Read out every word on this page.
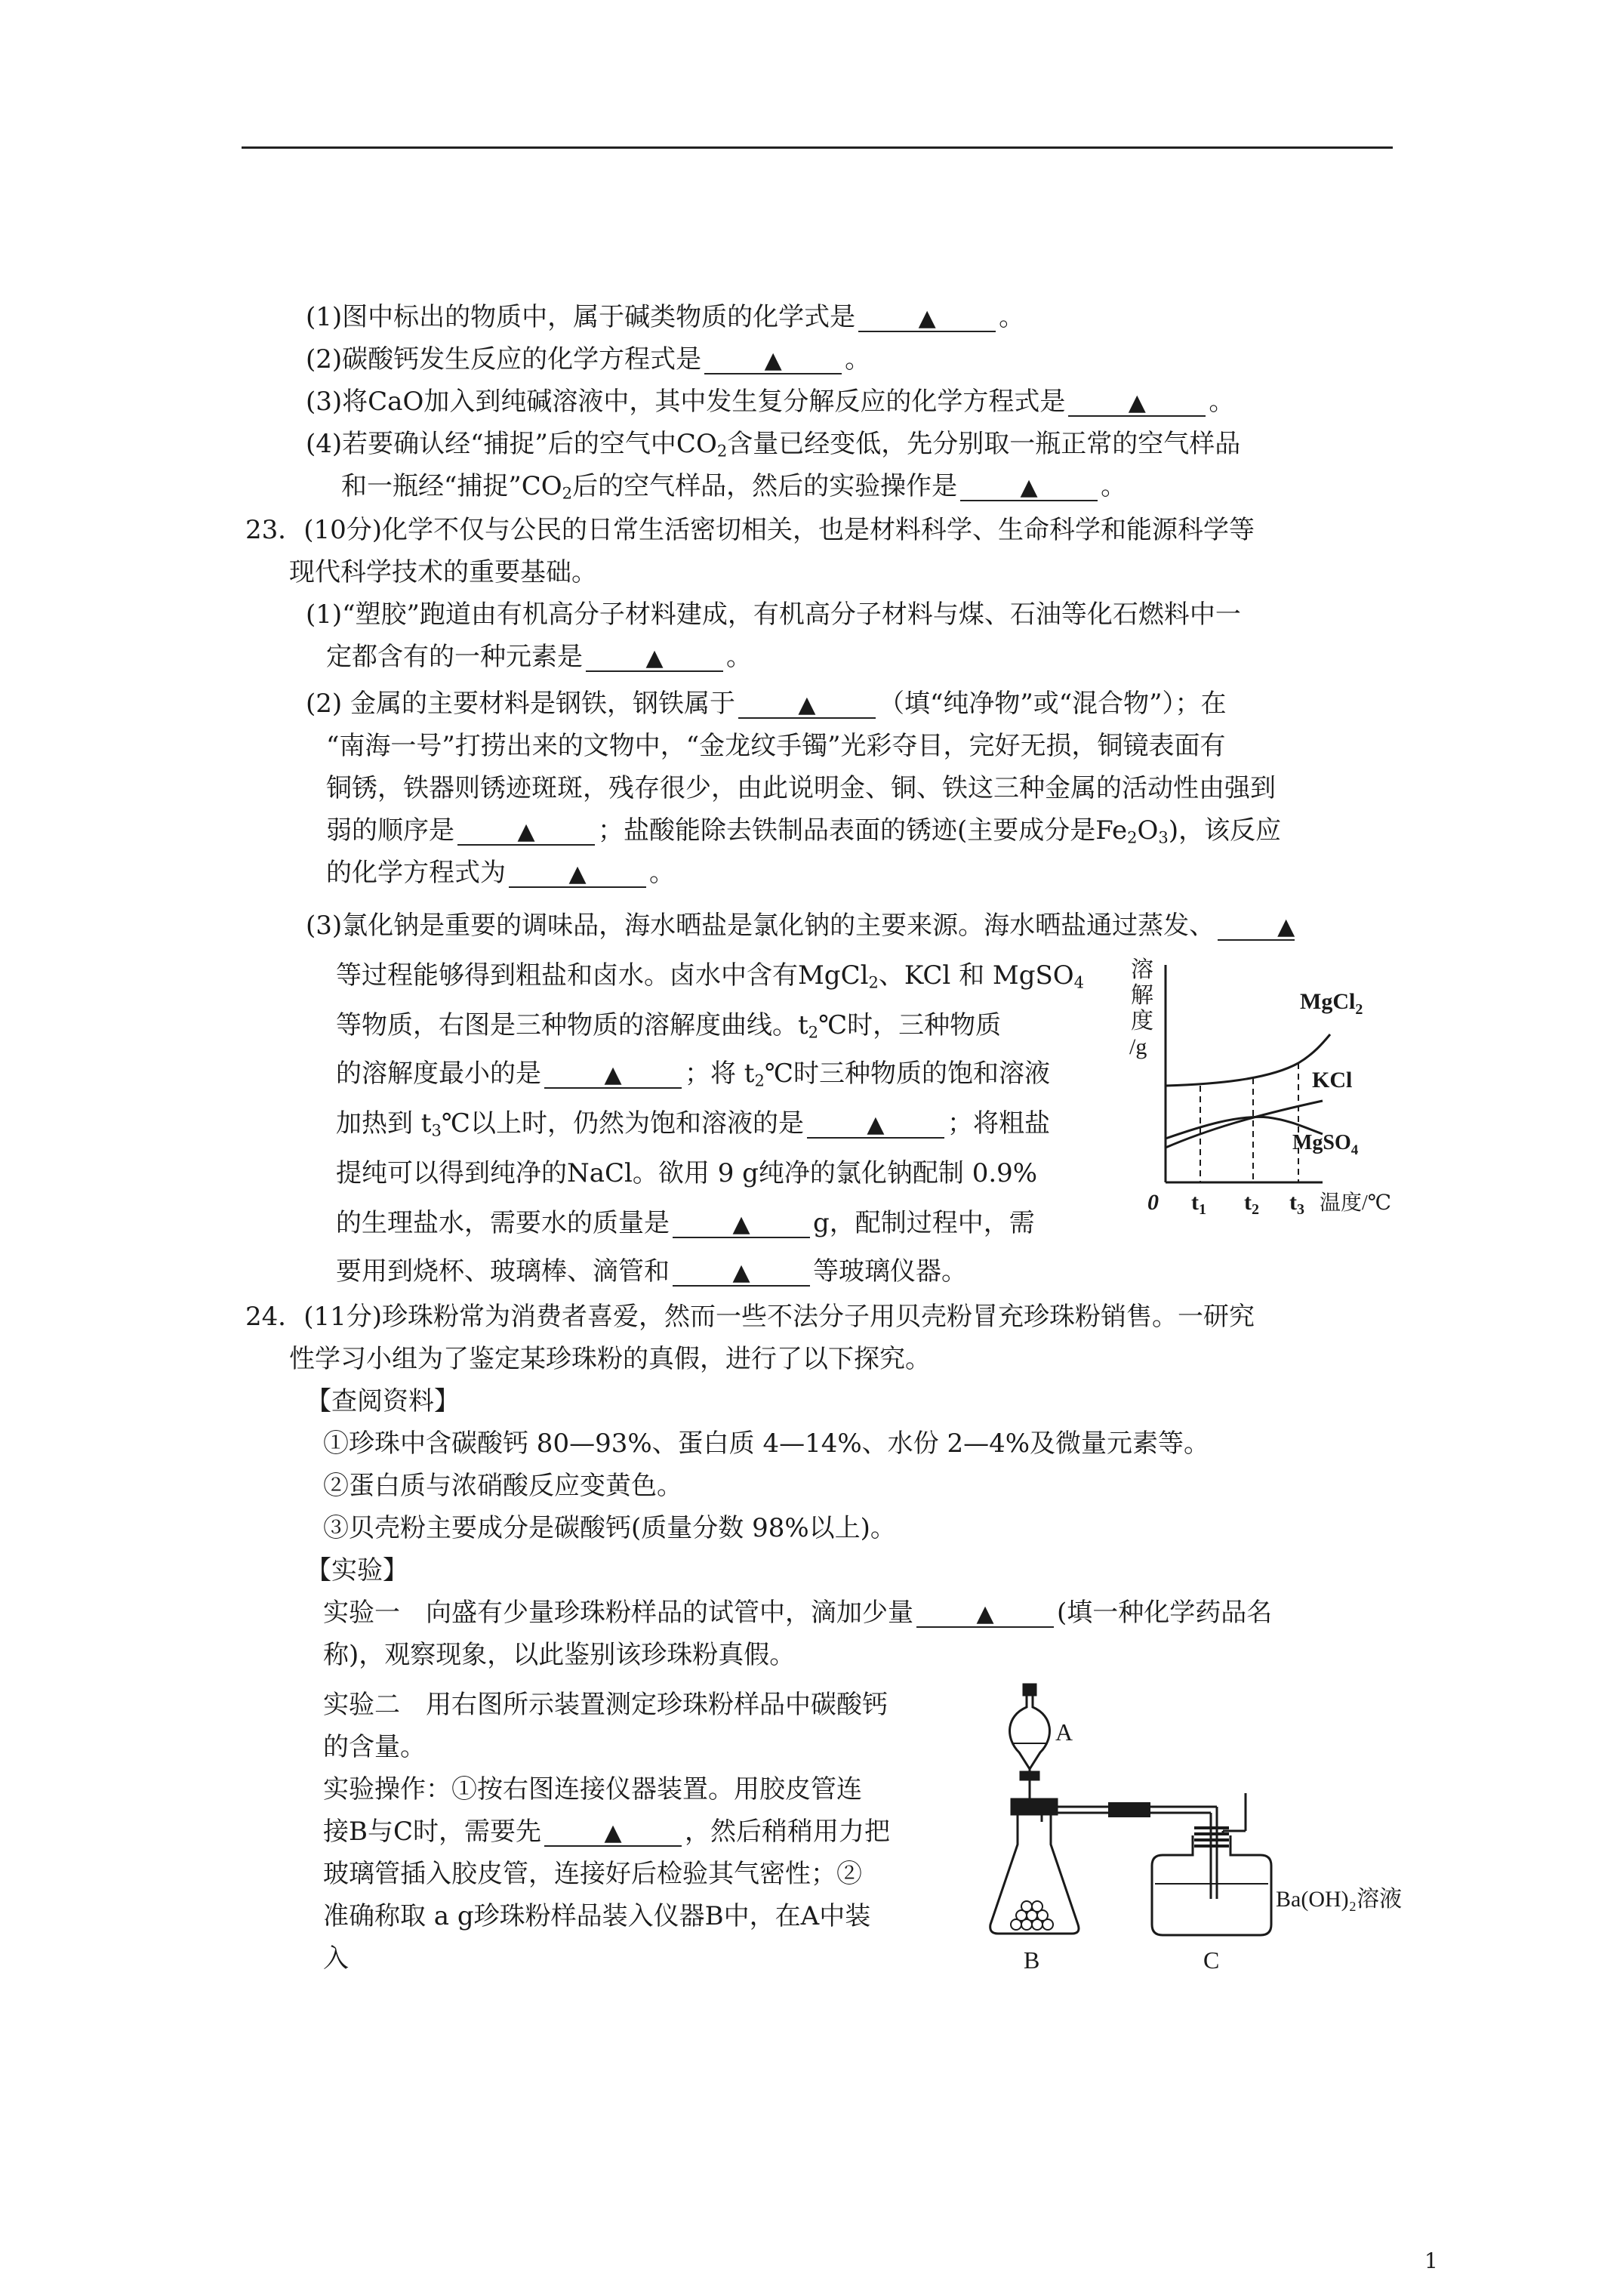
(1)图中标出的物质中，属于碱类物质的化学式是	▲ 。
(2)碳酸钙发生反应的化学方程式是	▲ 。
(3)将CaO加入到纯碱溶液中，其中发生复分解反应的化学方程式是	▲ 。
(4)若要确认经“捕捉”后的空气中$CO_2$含量已经变低，先分别取一瓶正常的空气样品
和一瓶经“捕捉$”CO_2$后的空气样品，然后的实验操作是	▲ 。
23．(10分)化学不仅与公民的日常生活密切相关，也是材料科学、生命科学和能源科学等
现代科学技术的重要基础。
(1)“塑胶”跑道由有机高分子材料建成，有机高分子材料与煤、石油等化石燃料中一
定都含有的一种元素是	▲ 。
(2) 金属的主要材料是钢铁，钢铁属于	▲ （填“纯净物”或“混合物”）；在
“南海一号”打捞出来的文物中，“金龙纹手镯”光彩夺目，完好无损，铜镜表面有
铜锈，铁器则锈迹斑斑，残存很少，由此说明金、铜、铁这三种金属的活动性由强到
弱的顺序是	▲ ；盐酸能除去铁制品表面的锈迹(主要成分是$Fe_2O_3$)，该反应
的化学方程式为	▲ 。
(3)氯化钠是重要的调味品，海水晒盐是氯化钠的主要来源。海水晒盐通过蒸发、	▲
等过程能够得到粗盐和卤水。卤水中含有MgCl$_2$、KCl 和 MgSO$_4$
等物质，右图是三种物质的溶解度曲线。$t_2℃$时，三种物质
的溶解度最小的是	▲ ；将 $t_2℃$时三种物质的饱和溶液
加热到 $t_3℃$以上时，仍然为饱和溶液的是	▲ ；将粗盐
提纯可以得到纯净的NaCl。欲用 9 g纯净的氯化钠配制 0.9%
的生理盐水，需要水的质量是	▲ g，配制过程中，需
要用到烧杯、玻璃棒、滴管和	▲ 等玻璃仪器。
溶
解
度
/g
MgCl$_2$
KCl
MgSO$_4$
0 $t_1$ $t_2$ $t_3$ 温度/℃
24．(11分)珍珠粉常为消费者喜爱，然而一些不法分子用贝壳粉冒充珍珠粉销售。一研究
性学习小组为了鉴定某珍珠粉的真假，进行了以下探究。
【查阅资料】
①珍珠中含碳酸钙 80—93%、蛋白质 4—14%、水份 2—4%及微量元素等。
②蛋白质与浓硝酸反应变黄色。
③贝壳粉主要成分是碳酸钙(质量分数 98%以上)。
【实验】
实验一　向盛有少量珍珠粉样品的试管中，滴加少量	▲ (填一种化学药品名
称)，观察现象，以此鉴别该珍珠粉真假。
实验二　用右图所示装置测定珍珠粉样品中碳酸钙
的含量。
实验操作：①按右图连接仪器装置。用胶皮管连
接B与C时，需要先	▲ ，然后稍稍用力把
玻璃管插入胶皮管，连接好后检验其气密性；②
准确称取 a g珍珠粉样品装入仪器B中，在A中装
入
A
B
Ba(OH)₂溶液
C
1
